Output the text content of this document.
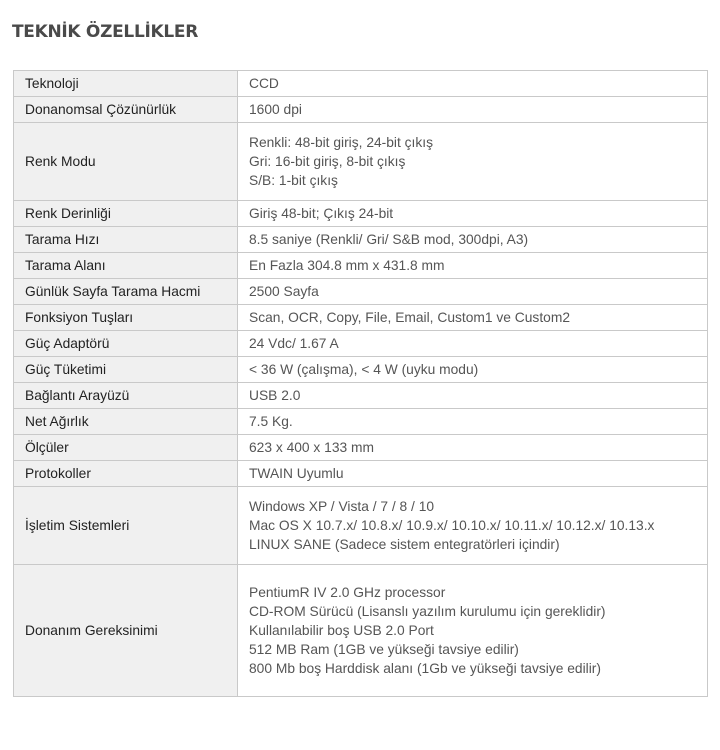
TEKNİK ÖZELLİKLER
Teknoloji	CCD

Donanomsal Çözünürlük	1600 dpi

Renk Modu	Renkli: 48-bit giriş, 24-bit çıkış
Gri: 16-bit giriş, 8-bit çıkış
S/B: 1-bit çıkış

Renk Derinliği	Giriş 48-bit; Çıkış 24-bit

Tarama Hızı	8.5 saniye (Renkli/ Gri/ S&B mod, 300dpi, A3)

Tarama Alanı	En Fazla 304.8 mm x 431.8 mm

Günlük Sayfa Tarama Hacmi	2500 Sayfa

Fonksiyon Tuşları	Scan, OCR, Copy, File, Email, Custom1 ve Custom2

Güç Adaptörü	24 Vdc/ 1.67 A

Güç Tüketimi	< 36 W (çalışma), < 4 W (uyku modu)

Bağlantı Arayüzü	USB 2.0

Net Ağırlık	7.5 Kg.

Ölçüler	623 x 400 x 133 mm

Protokoller	TWAIN Uyumlu

İşletim Sistemleri	Windows XP / Vista / 7 / 8 / 10
Mac OS X 10.7.x/ 10.8.x/ 10.9.x/ 10.10.x/ 10.11.x/ 10.12.x/ 10.13.x
LINUX SANE (Sadece sistem entegratörleri içindir)

Donanım Gereksinimi	PentiumR IV 2.0 GHz processor
CD-ROM Sürücü (Lisanslı yazılım kurulumu için gereklidir)
Kullanılabilir boş USB 2.0 Port
512 MB Ram (1GB ve yükseği tavsiye edilir)
800 Mb boş Harddisk alanı (1Gb ve yükseği tavsiye edilir)
